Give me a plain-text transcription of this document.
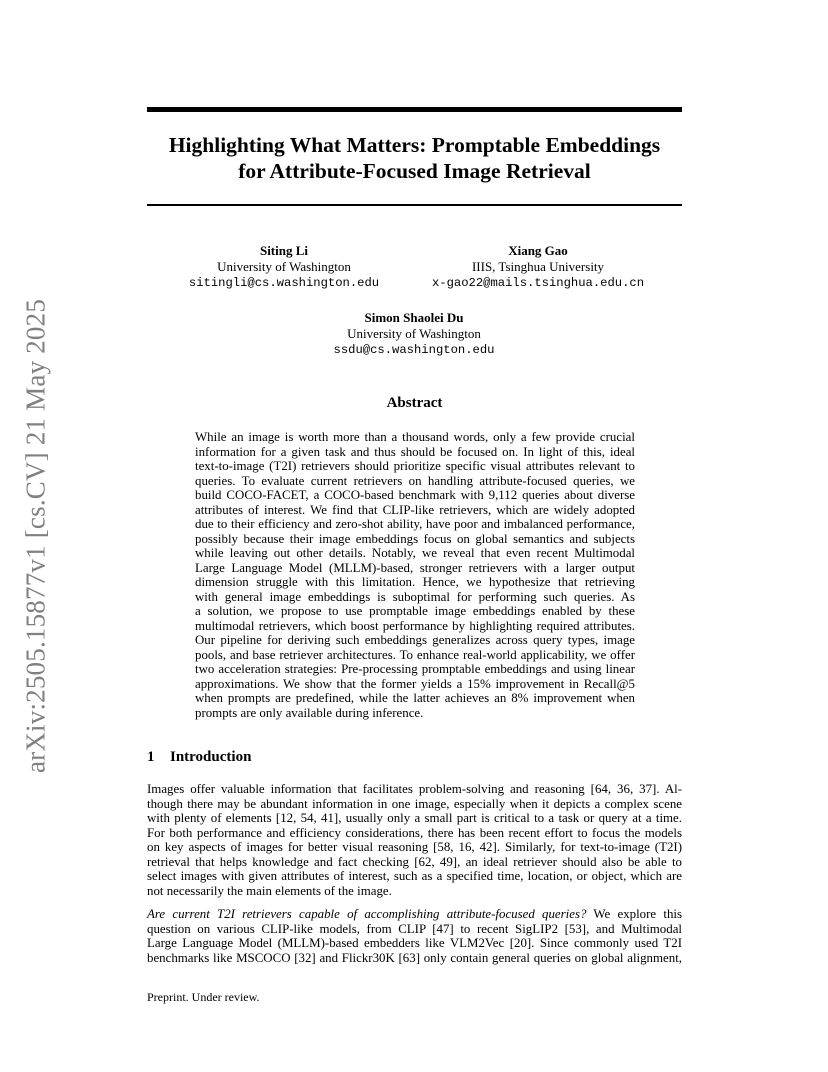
arXiv:2505.15877v1 [cs.CV] 21 May 2025
Highlighting What Matters: Promptable Embeddings
for Attribute-Focused Image Retrieval
Siting Li
University of Washington
sitingli@cs.washington.edu
Xiang Gao
IIIS, Tsinghua University
x-gao22@mails.tsinghua.edu.cn
Simon Shaolei Du
University of Washington
ssdu@cs.washington.edu
Abstract
While an image is worth more than a thousand words, only a few provide crucial
information for a given task and thus should be focused on. In light of this, ideal
text-to-image (T2I) retrievers should prioritize specific visual attributes relevant to
queries. To evaluate current retrievers on handling attribute-focused queries, we
build COCO-FACET, a COCO-based benchmark with 9,112 queries about diverse
attributes of interest. We find that CLIP-like retrievers, which are widely adopted
due to their efficiency and zero-shot ability, have poor and imbalanced performance,
possibly because their image embeddings focus on global semantics and subjects
while leaving out other details. Notably, we reveal that even recent Multimodal
Large Language Model (MLLM)-based, stronger retrievers with a larger output
dimension struggle with this limitation. Hence, we hypothesize that retrieving
with general image embeddings is suboptimal for performing such queries. As
a solution, we propose to use promptable image embeddings enabled by these
multimodal retrievers, which boost performance by highlighting required attributes.
Our pipeline for deriving such embeddings generalizes across query types, image
pools, and base retriever architectures. To enhance real-world applicability, we offer
two acceleration strategies: Pre-processing promptable embeddings and using linear
approximations. We show that the former yields a 15% improvement in Recall@5
when prompts are predefined, while the latter achieves an 8% improvement when
prompts are only available during inference.
1 Introduction
Images offer valuable information that facilitates problem-solving and reasoning [64, 36, 37]. Al-
though there may be abundant information in one image, especially when it depicts a complex scene
with plenty of elements [12, 54, 41], usually only a small part is critical to a task or query at a time.
For both performance and efficiency considerations, there has been recent effort to focus the models
on key aspects of images for better visual reasoning [58, 16, 42]. Similarly, for text-to-image (T2I)
retrieval that helps knowledge and fact checking [62, 49], an ideal retriever should also be able to
select images with given attributes of interest, such as a specified time, location, or object, which are
not necessarily the main elements of the image.
Are current T2I retrievers capable of accomplishing attribute-focused queries? We explore this
question on various CLIP-like models, from CLIP [47] to recent SigLIP2 [53], and Multimodal
Large Language Model (MLLM)-based embedders like VLM2Vec [20]. Since commonly used T2I
benchmarks like MSCOCO [32] and Flickr30K [63] only contain general queries on global alignment,
Preprint. Under review.
